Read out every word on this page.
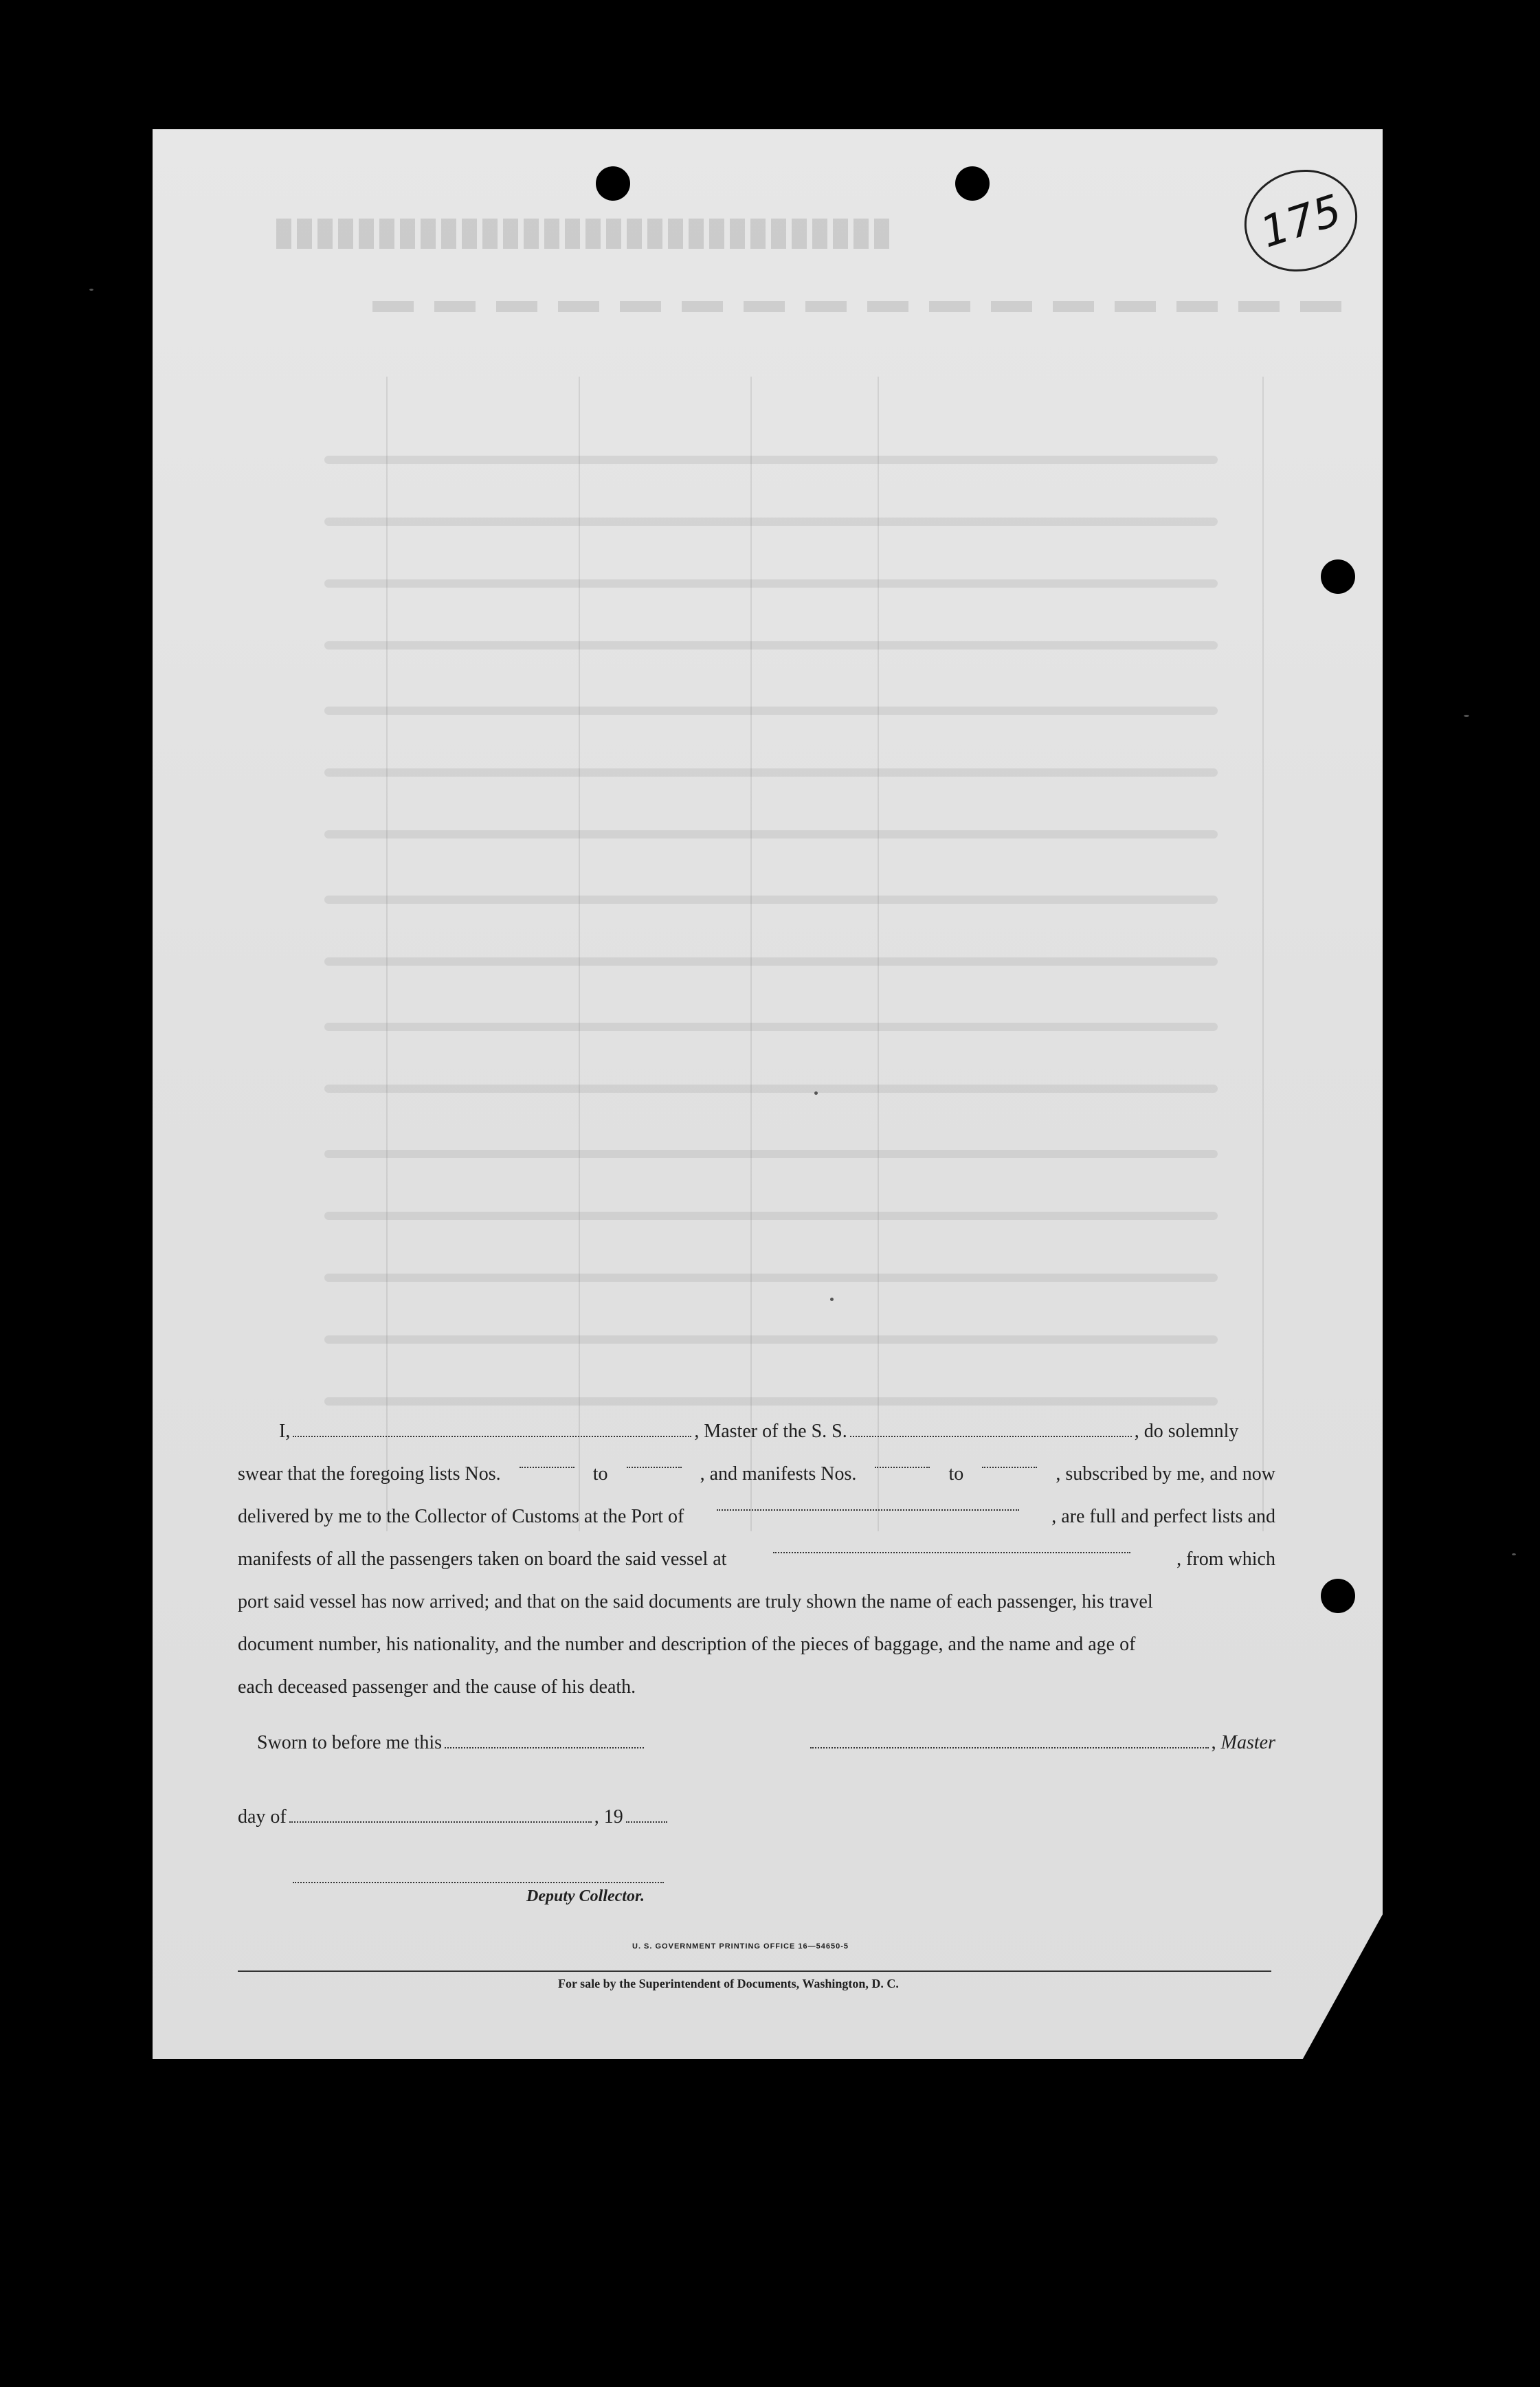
175

I,	, Master of the S. S.	, do solemnly

swear that the foregoing lists Nos.	to	, and manifests Nos.	to	, subscribed by me, and now

delivered by me to the Collector of Customs at the Port of	, are full and perfect lists and

manifests of all the passengers taken on board the said vessel at	, from which

port said vessel has now arrived; and that on the said documents are truly shown the name of each passenger, his travel

document number, his nationality, and the number and description of the pieces of baggage, and the name and age of

each deceased passenger and the cause of his death.

Sworn to before me this	, Master
day of	, 19
Deputy Collector.
U. S. GOVERNMENT PRINTING OFFICE 16—54650-5
For sale by the Superintendent of Documents, Washington, D. C.
